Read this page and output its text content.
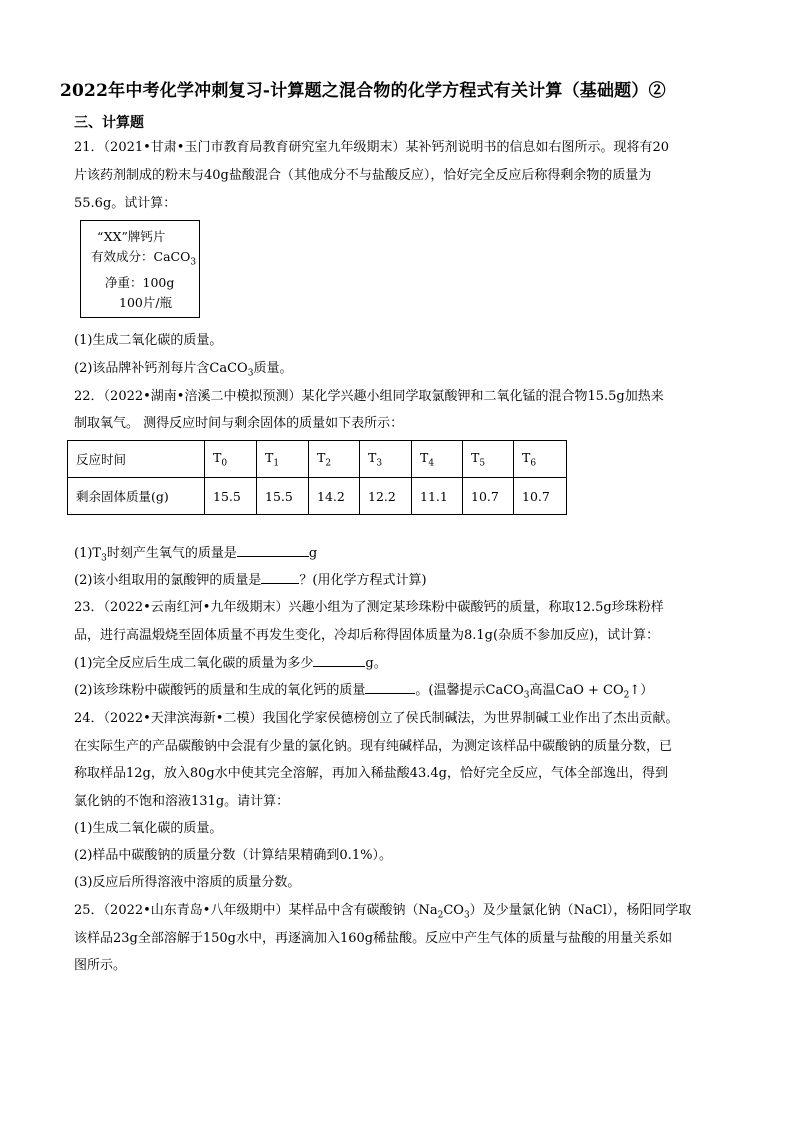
2022年中考化学冲刺复习-计算题之混合物的化学方程式有关计算（基础题）②
三、计算题
21．（2021•甘肃•玉门市教育局教育研究室九年级期末）某补钙剂说明书的信息如右图所示。现将有20
片该药剂制成的粉末与40g盐酸混合（其他成分不与盐酸反应），恰好完全反应后称得剩余物的质量为
55.6g。试计算：
“XX”牌钙片
有效成分：CaCO$_3$
净重：100g
100片/瓶
(1)生成二氧化碳的质量。
(2)该品牌补钙剂每片含CaCO$_3$质量。
22．（2022•湖南•涪溪二中模拟预测）某化学兴趣小组同学取氯酸钾和二氧化锰的混合物15.5g加热来
制取氧气。 测得反应时间与剩余固体的质量如下表所示：
反应时间	$T_0$	$T_1$	$T_2$	$T_3$	$T_4$	$T_5$	$T_6$
剩余固体质量(g)	15.5	15.5	14.2	12.2	11.1	10.7	10.7
$(1)T_3$时刻产生氧气的质量是	g
(2)该小组取用的氯酸钾的质量是	？(用化学方程式计算)
23．（2022•云南红河•九年级期末）兴趣小组为了测定某珍珠粉中碳酸钙的质量，称取12.5g珍珠粉样
品，进行高温煅烧至固体质量不再发生变化，冷却后称得固体质量为8.1g(杂质不参加反应)，试计算：
(1)完全反应后生成二氧化碳的质量为多少	g。
(2)该珍珠粉中碳酸钙的质量和生成的氧化钙的质量	。(温馨提示CaCO$_3$高温CaO + $CO_2↑$）
24．（2022•天津滨海新•二模）我国化学家侯德榜创立了侯氏制碱法，为世界制碱工业作出了杰出贡献。
在实际生产的产品碳酸钠中会混有少量的氯化钠。现有纯碱样品，为测定该样品中碳酸钠的质量分数，已
称取样品12g，放入80g水中使其完全溶解，再加入稀盐酸43.4g，恰好完全反应，气体全部逸出，得到
氯化钠的不饱和溶液131g。请计算：
(1)生成二氧化碳的质量。
(2)样品中碳酸钠的质量分数（计算结果精确到0.1%）。
(3)反应后所得溶液中溶质的质量分数。
25．（2022•山东青岛•八年级期中）某样品中含有碳酸钠$(Na_2CO_3)$及少量氯化钠（NaCl），杨阳同学取
该样品23g全部溶解于150g水中，再逐滴加入160g稀盐酸。反应中产生气体的质量与盐酸的用量关系如
图所示。
